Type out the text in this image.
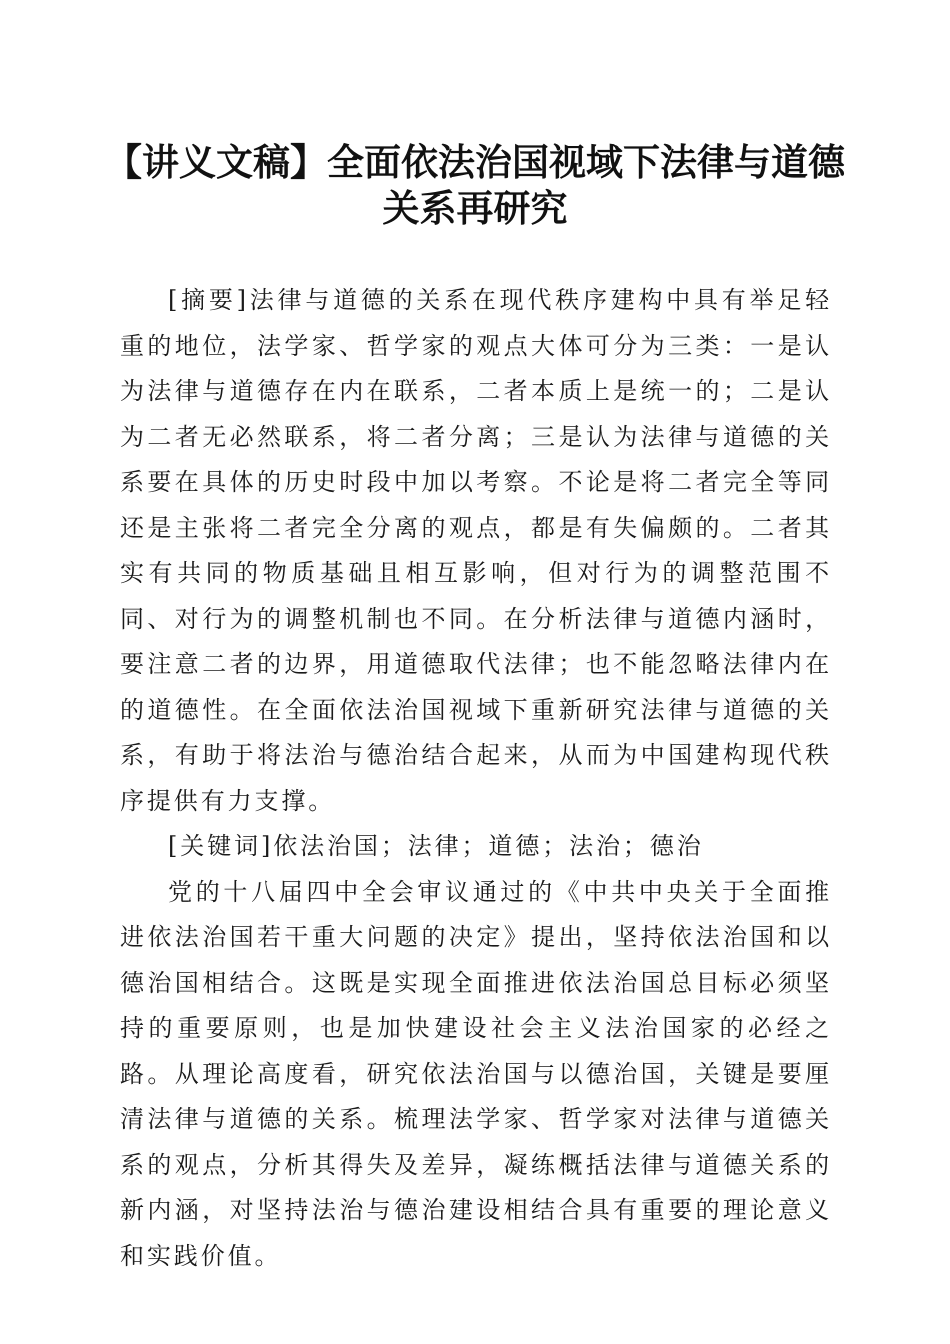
【讲义文稿】全面依法治国视域下法律与道德
关系再研究

[摘要]法律与道德的关系在现代秩序建构中具有举足轻重的地位，法学家、哲学家的观点大体可分为三类：一是认为法律与道德存在内在联系，二者本质上是统一的；二是认为二者无必然联系，将二者分离；三是认为法律与道德的关系要在具体的历史时段中加以考察。不论是将二者完全等同还是主张将二者完全分离的观点，都是有失偏颇的。二者其实有共同的物质基础且相互影响，但对行为的调整范围不同、对行为的调整机制也不同。在分析法律与道德内涵时，要注意二者的边界，用道德取代法律；也不能忽略法律内在的道德性。在全面依法治国视域下重新研究法律与道德的关系，有助于将法治与德治结合起来，从而为中国建构现代秩序提供有力支撑。

[关键词]依法治国；法律；道德；法治；德治

党的十八届四中全会审议通过的《中共中央关于全面推进依法治国若干重大问题的决定》提出，坚持依法治国和以德治国相结合。这既是实现全面推进依法治国总目标必须坚持的重要原则，也是加快建设社会主义法治国家的必经之路。从理论高度看，研究依法治国与以德治国，关键是要厘清法律与道德的关系。梳理法学家、哲学家对法律与道德关系的观点，分析其得失及差异，凝练概括法律与道德关系的新内涵，对坚持法治与德治建设相结合具有重要的理论意义和实践价值。
